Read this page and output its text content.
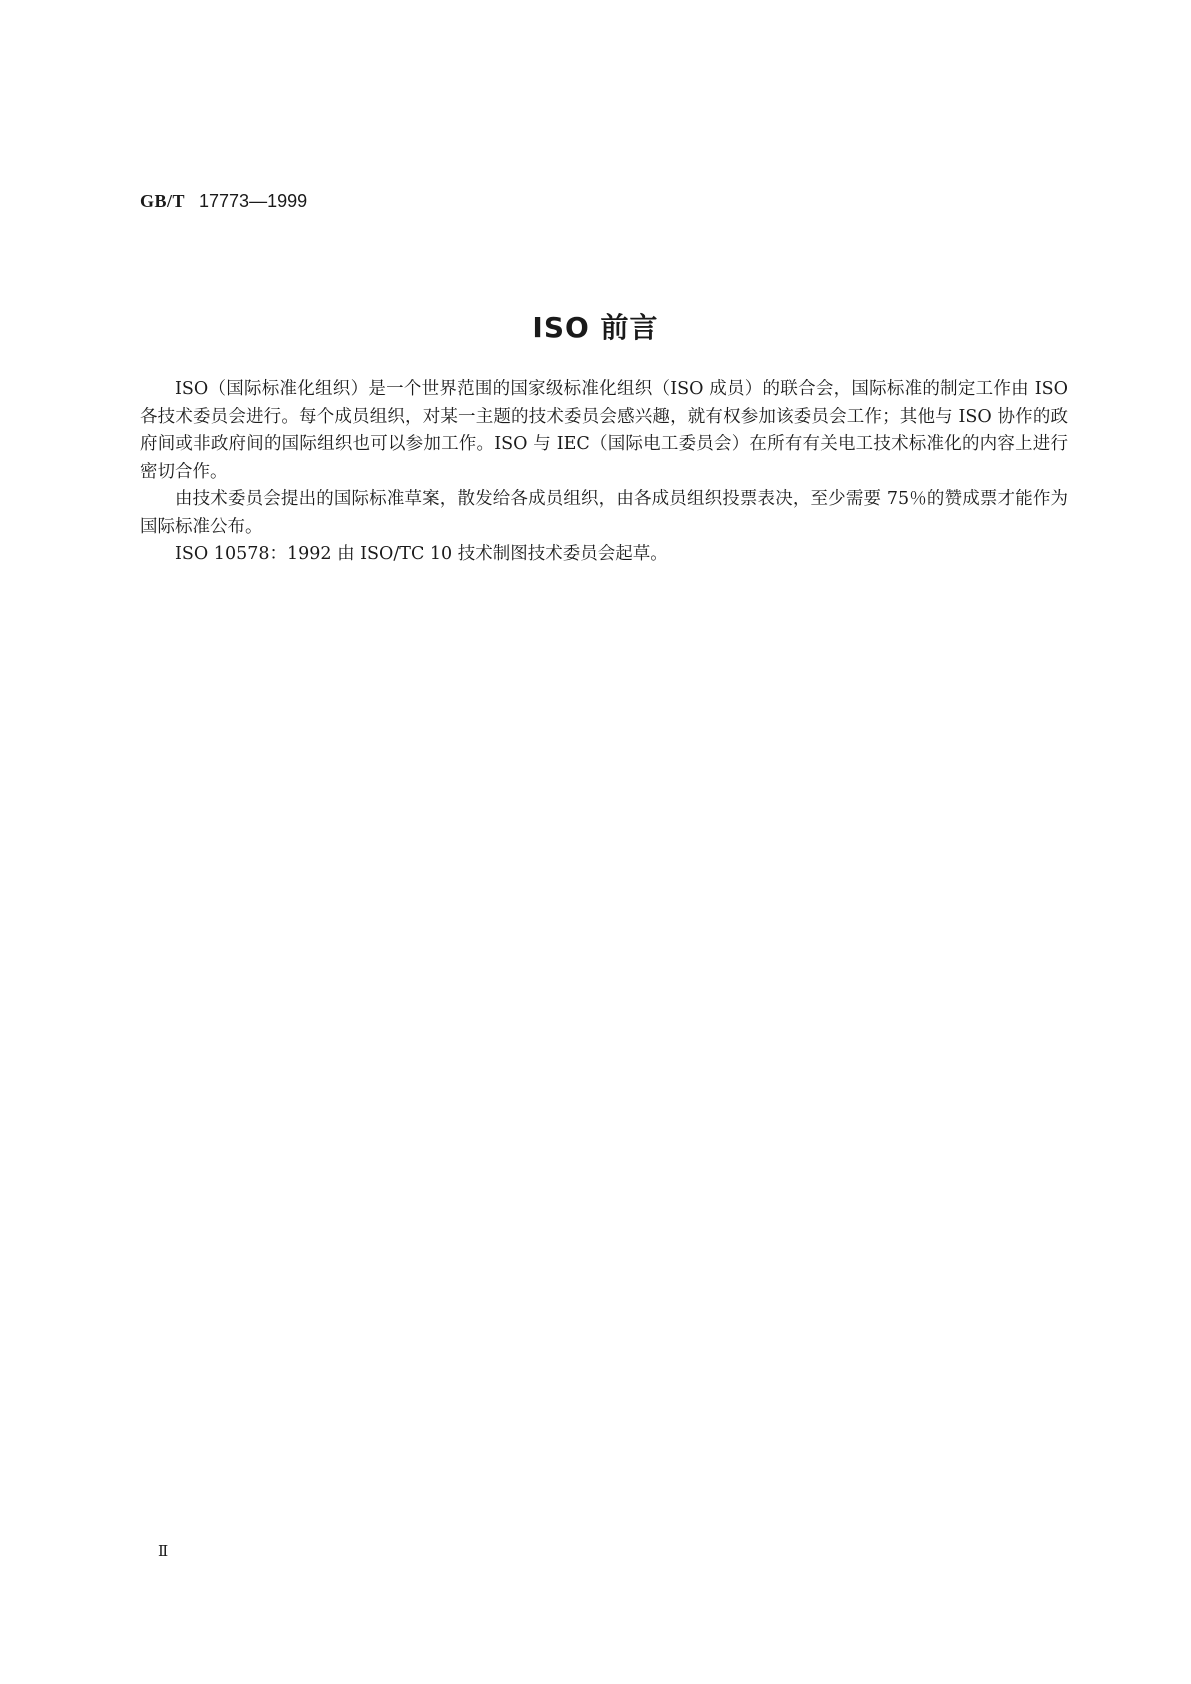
GB/T 17773—1999
ISO 前言

ISO（国际标准化组织）是一个世界范围的国家级标准化组织（ISO 成员）的联合会，国际标准的制定工作由 ISO 各技术委员会进行。每个成员组织，对某一主题的技术委员会感兴趣，就有权参加该委员会工作；其他与 ISO 协作的政府间或非政府间的国际组织也可以参加工作。ISO 与 IEC（国际电工委员会）在所有有关电工技术标准化的内容上进行密切合作。

由技术委员会提出的国际标准草案，散发给各成员组织，由各成员组织投票表决，至少需要 75％的赞成票才能作为国际标准公布。

ISO 10578：1992 由 ISO/TC 10 技术制图技术委员会起草。

Ⅱ
